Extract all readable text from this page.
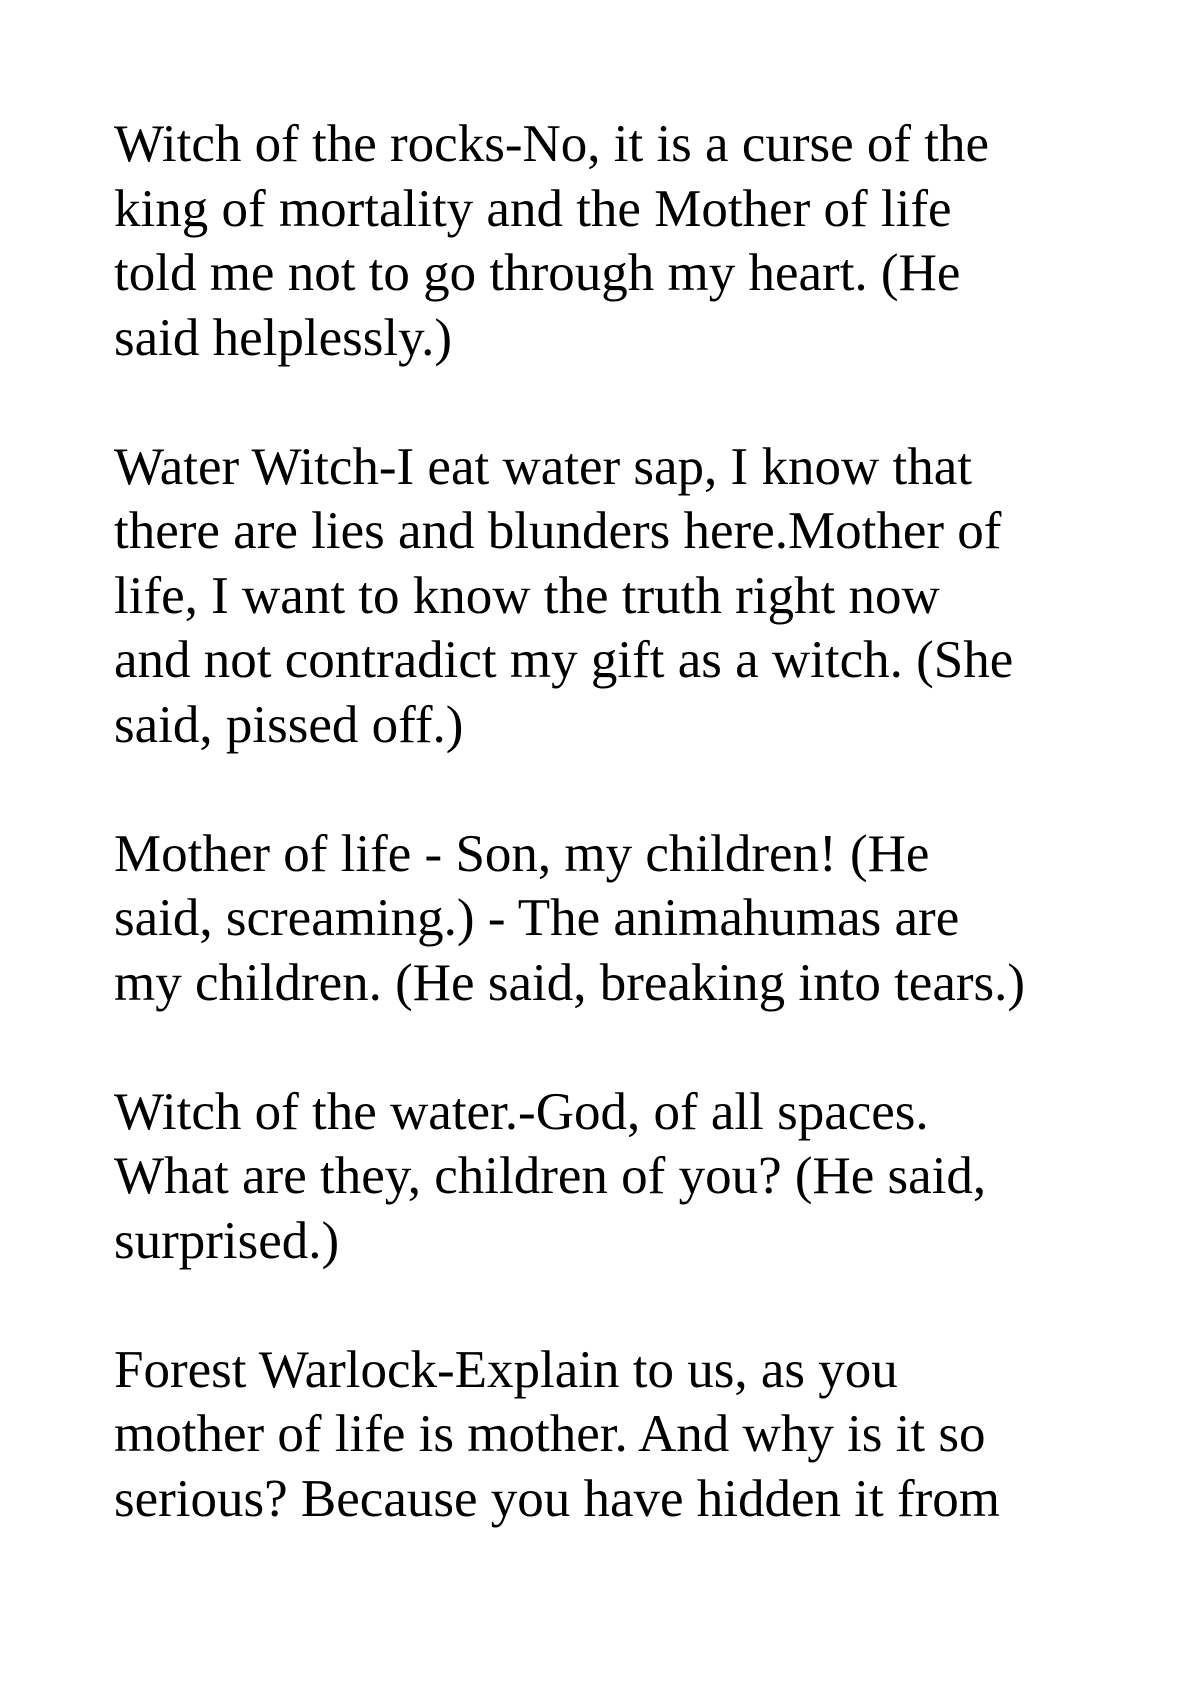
Witch of the rocks-No, it is a curse of the
king of mortality and the Mother of life
told me not to go through my heart. (He
said helplessly.)

Water Witch-I eat water sap, I know that
there are lies and blunders here.Mother of
life, I want to know the truth right now
and not contradict my gift as a witch. (She
said, pissed off.)

Mother of life - Son, my children! (He
said, screaming.) - The animahumas are
my children. (He said, breaking into tears.)

Witch of the water.-God, of all spaces.
What are they, children of you? (He said,
surprised.)

Forest Warlock-Explain to us, as you
mother of life is mother. And why is it so
serious? Because you have hidden it from
